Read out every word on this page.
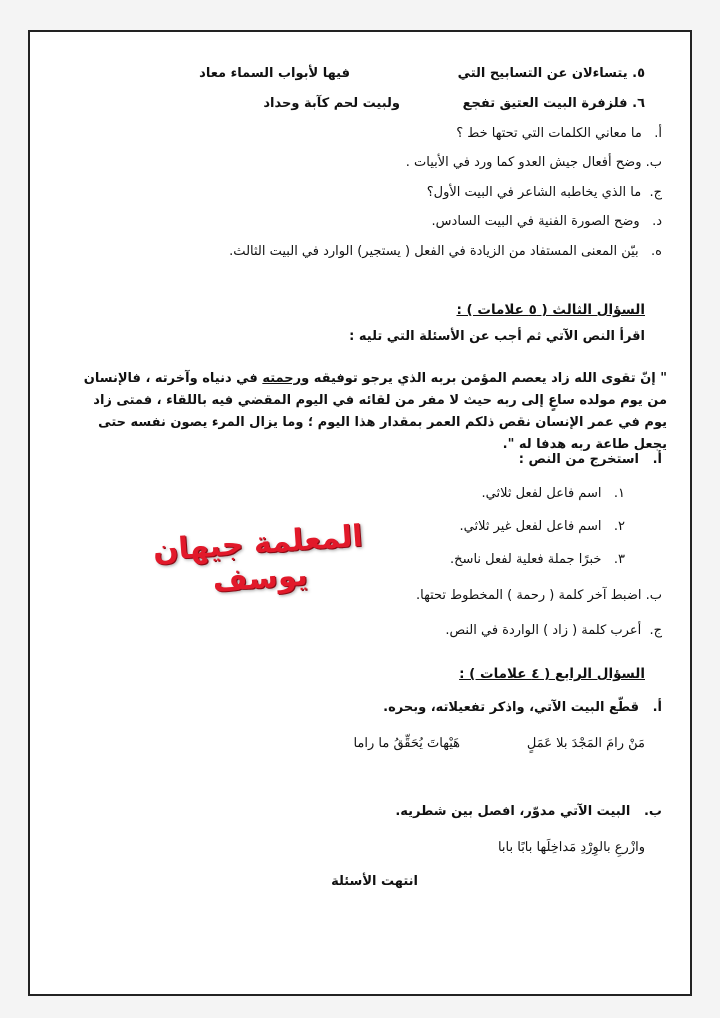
٥. يتساءلان عن التسابيح التي
فيها لأبواب السماء معاد
٦. فلزفرة البيت العتيق تفجع
ولبيت لحم كآبة وحداد
أ.   ما معاني الكلمات التي تحتها خط ؟
ب. وضح أفعال جيش العدو كما ورد في الأبيات .
ج.  ما الذي يخاطبه الشاعر في البيت الأول؟
د.   وضح الصورة الفنية في البيت السادس.
ه.   بيّن المعنى المستفاد من الزيادة في الفعل ( يستجير) الوارد في البيت الثالث.
السؤال الثالث ( ٥ علامات ) :
اقرأ النص الآتي ثم أجب عن الأسئلة التي تليه :
" إنّ تقوى الله زاد يعصم المؤمن بربه الذي يرجو توفيقه ورحمته في دنياه وآخرته ، فالإنسان من يوم مولده ساعٍ إلى ربه حيث لا مفر من لقائه في اليوم المقضي فيه باللقاء ، فمتى زاد يوم في عمر الإنسان نقص ذلكم العمر بمقدار هذا اليوم ؛ وما يزال المرء يصون نفسه حتى يجعل طاعة ربه هدفا له ".
أ.   استخرج من النص :
١.   اسم فاعل لفعل ثلاثي.
٢.   اسم فاعل لفعل غير ثلاثي.
٣.   خبرًا جملة فعلية لفعل ناسخ.
المعلمة جيهان يوسف	ب. اضبط آخر كلمة ( رحمة ) المخطوط تحتها.
ج.  أعرب كلمة ( زاد ) الواردة في النص.
السؤال الرابع ( ٤ علامات ) :
أ.   قطّع البيت الآتي، واذكر تفعيلاته، وبحره.
مَنْ رامَ المَجْدَ بلا عَمَلٍ
هَيْهاتَ يُحَقِّقُ ما راما
ب.   البيت الآتي مدوّر، افصل بين شطريه.
وازْرعِ بالوِرْدِ مَداخِلَها بابًا بابا
انتهت الأسئلة
